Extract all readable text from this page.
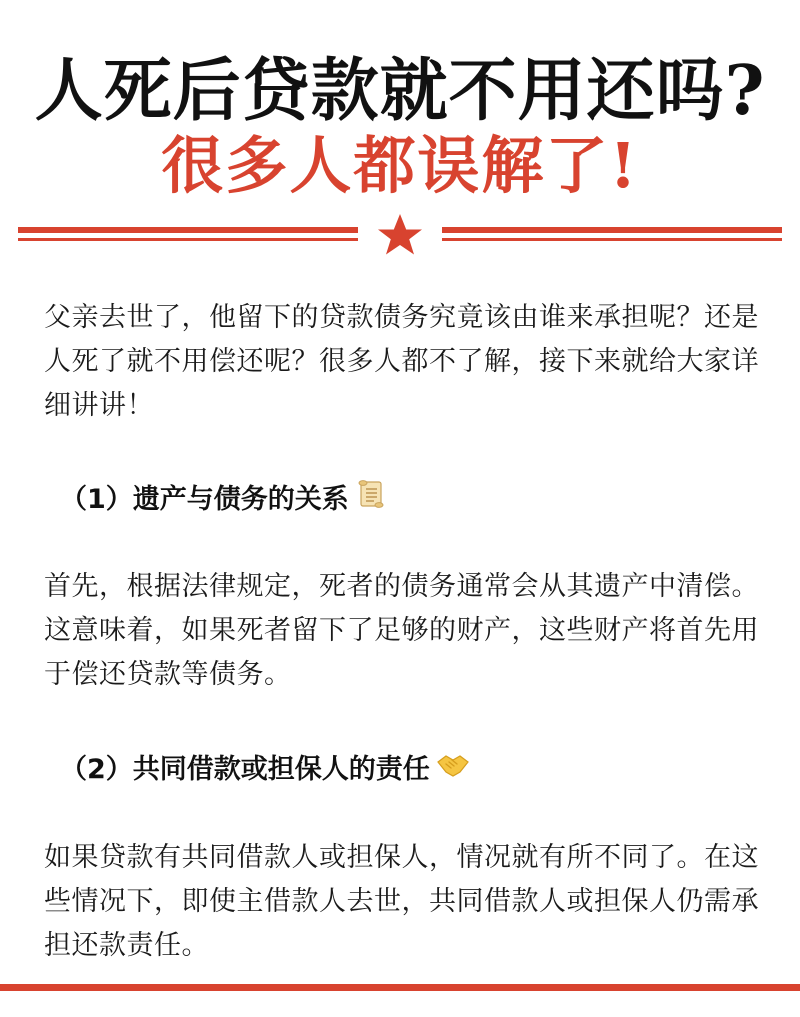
人死后贷款就不用还吗?
很多人都误解了!
父亲去世了，他留下的贷款债务究竟该由谁来承担呢？还是人死了就不用偿还呢？很多人都不了解，接下来就给大家详细讲讲！
（1）遗产与债务的关系
首先，根据法律规定，死者的债务通常会从其遗产中清偿。这意味着，如果死者留下了足够的财产，这些财产将首先用于偿还贷款等债务。
（2）共同借款或担保人的责任
如果贷款有共同借款人或担保人，情况就有所不同了。在这些情况下，即使主借款人去世，共同借款人或担保人仍需承担还款责任。
